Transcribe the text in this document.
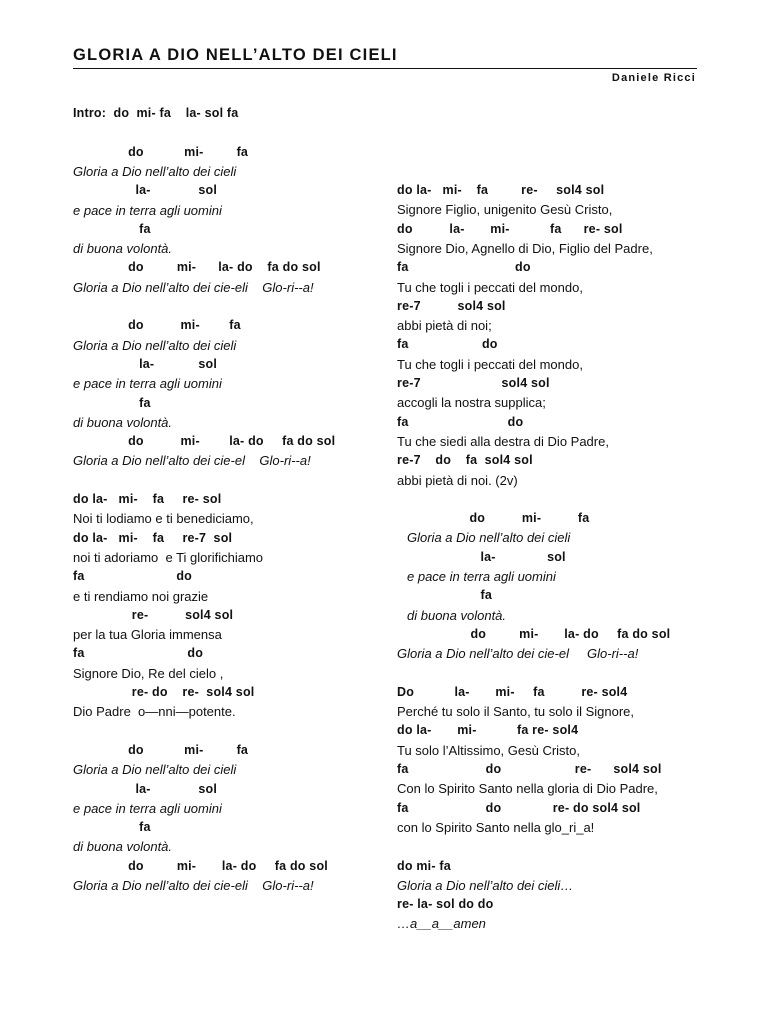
GLORIA A DIO NELL’ALTO DEI CIELI
Daniele Ricci
Intro:  do  mi- fa    la- sol fa
do           mi-         fa
Gloria a Dio nell’alto dei cieli
la-             sol
e pace in terra agli uomini
fa
di buona volontà.
do         mi-      la- do    fa do sol
Gloria a Dio nell’alto dei cie-eli    Glo-ri--a!
do          mi-        fa
Gloria a Dio nell’alto dei cieli
la-            sol
e pace in terra agli uomini
fa
di buona volontà.
do          mi-        la- do     fa do sol
Gloria a Dio nell’alto dei cie-el    Glo-ri--a!
do la-   mi-    fa     re- sol
Noi ti lodiamo e ti benediciamo,
do la-   mi-    fa     re-7  sol
noi ti adoriamo  e Ti glorifichiamo
fa                         do
e ti rendiamo noi grazie
re-          sol4 sol
per la tua Gloria immensa
fa                            do
Signore Dio, Re del cielo ,
re- do    re-  sol4 sol
Dio Padre  o—nni—potente.
do           mi-         fa
Gloria a Dio nell’alto dei cieli
la-             sol
e pace in terra agli uomini
fa
di buona volontà.
do         mi-       la- do     fa do sol
Gloria a Dio nell’alto dei cie-eli    Glo-ri--a!
do la-   mi-    fa         re-     sol4 sol
Signore Figlio, unigenito Gesù Cristo,
do          la-       mi-           fa      re- sol
Signore Dio, Agnello di Dio, Figlio del Padre,
fa                             do
Tu che togli i peccati del mondo,
re-7          sol4 sol
abbi pietà di noi;
fa                    do
Tu che togli i peccati del mondo,
re-7                      sol4 sol
accogli la nostra supplica;
fa                           do
Tu che siedi alla destra di Dio Padre,
re-7    do    fa  sol4 sol
abbi pietà di noi. (2v)
do          mi-          fa
Gloria a Dio nell’alto dei cieli
la-              sol
e pace in terra agli uomini
fa
di buona volontà.
do         mi-       la- do     fa do sol
Gloria a Dio nell’alto dei cie-el     Glo-ri--a!
Do           la-       mi-     fa          re- sol4
Perché tu solo il Santo, tu solo il Signore,
do la-       mi-           fa re- sol4
Tu solo l’Altissimo, Gesù Cristo,
fa                     do                    re-      sol4 sol
Con lo Spirito Santo nella gloria di Dio Padre,
fa                     do              re- do sol4 sol
con lo Spirito Santo nella glo_ri_a!
do mi- fa
Gloria a Dio nell’alto dei cieli…
re- la- sol do do
…a__a__amen
